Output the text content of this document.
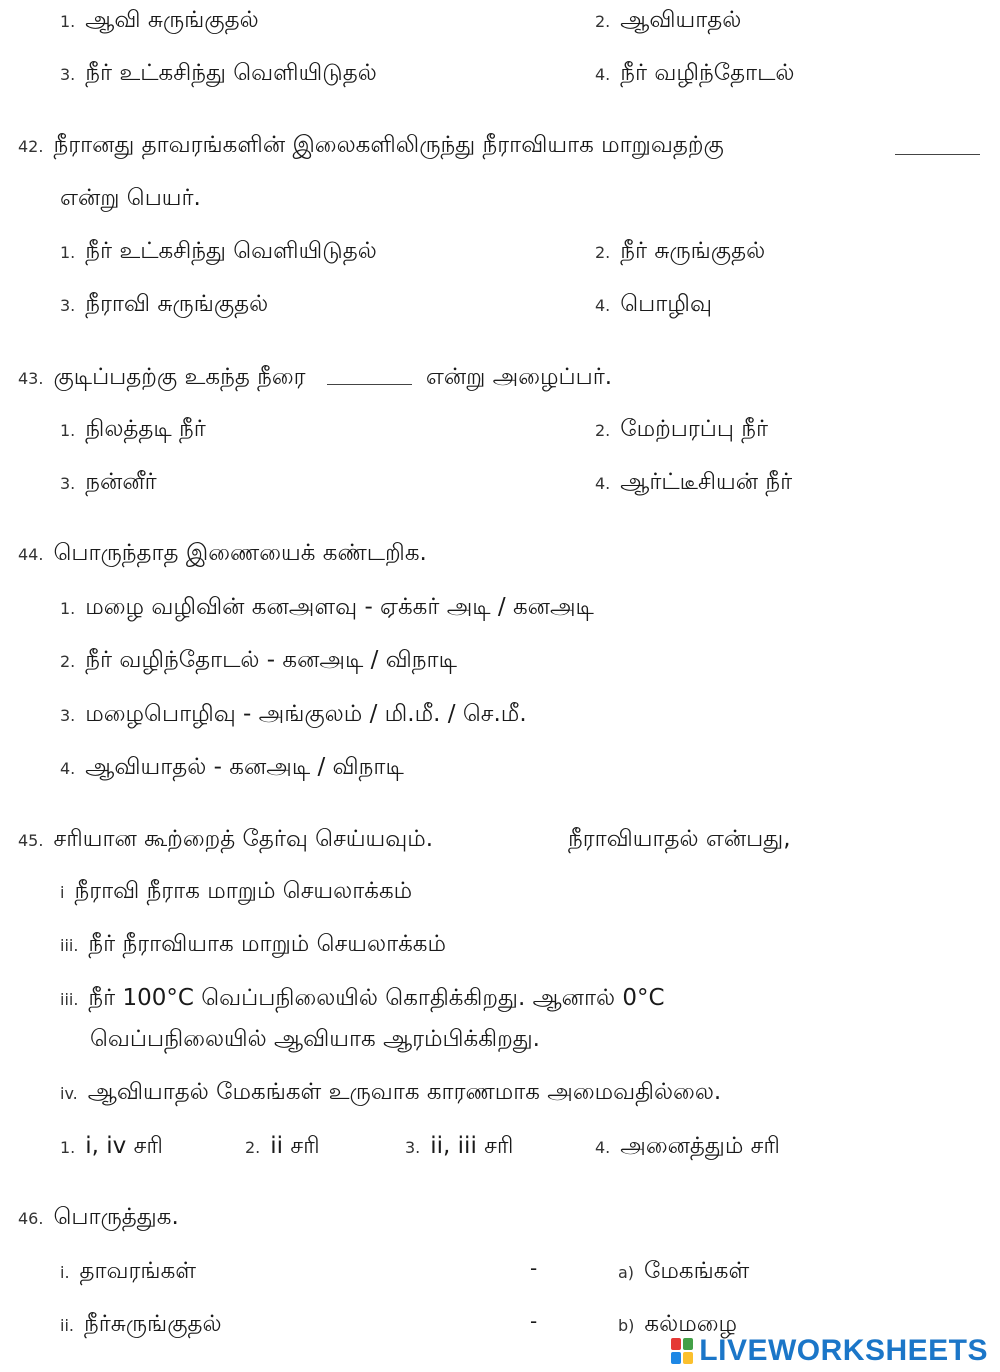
1. ஆவி சுருங்குதல்	2. ஆவியாதல்
3. நீர் உட்கசிந்து வெளியிடுதல்	4. நீர் வழிந்தோடல்
42. நீரானது தாவரங்களின் இலைகளிலிருந்து நீராவியாக மாறுவதற்கு
என்று பெயர்.
1. நீர் உட்கசிந்து வெளியிடுதல்	2. நீர் சுருங்குதல்
3. நீராவி சுருங்குதல்	4. பொழிவு
43. குடிப்பதற்கு உகந்த நீரை	என்று அழைப்பர்.
1. நிலத்தடி நீர்	2. மேற்பரப்பு நீர்
3. நன்னீர்	4. ஆர்ட்டீசியன் நீர்
44. பொருந்தாத இணையைக் கண்டறிக.
1. மழை வழிவின் கனஅளவு - ஏக்கர் அடி / கனஅடி
2. நீர் வழிந்தோடல் - கனஅடி / விநாடி
3. மழைபொழிவு - அங்குலம் / மி.மீ. / செ.மீ.
4. ஆவியாதல் - கனஅடி / விநாடி
45. சரியான கூற்றைத் தேர்வு செய்யவும்.	நீராவியாதல் என்பது,
i நீராவி நீராக மாறும் செயலாக்கம்
iii. நீர் நீராவியாக மாறும் செயலாக்கம்
iii. நீர் 100°C வெப்பநிலையில் கொதிக்கிறது. ஆனால் 0°C
வெப்பநிலையில் ஆவியாக ஆரம்பிக்கிறது.
iv. ஆவியாதல் மேகங்கள் உருவாக காரணமாக அமைவதில்லை.
1. i, iv சரி	2. ii சரி	3. ii, iii சரி	4. அனைத்தும் சரி
46. பொருத்துக.
i. தாவரங்கள்	-	a) மேகங்கள்
ii. நீர்சுருங்குதல்	-	b) கல்மழை
LIVEWORKSHEETS
